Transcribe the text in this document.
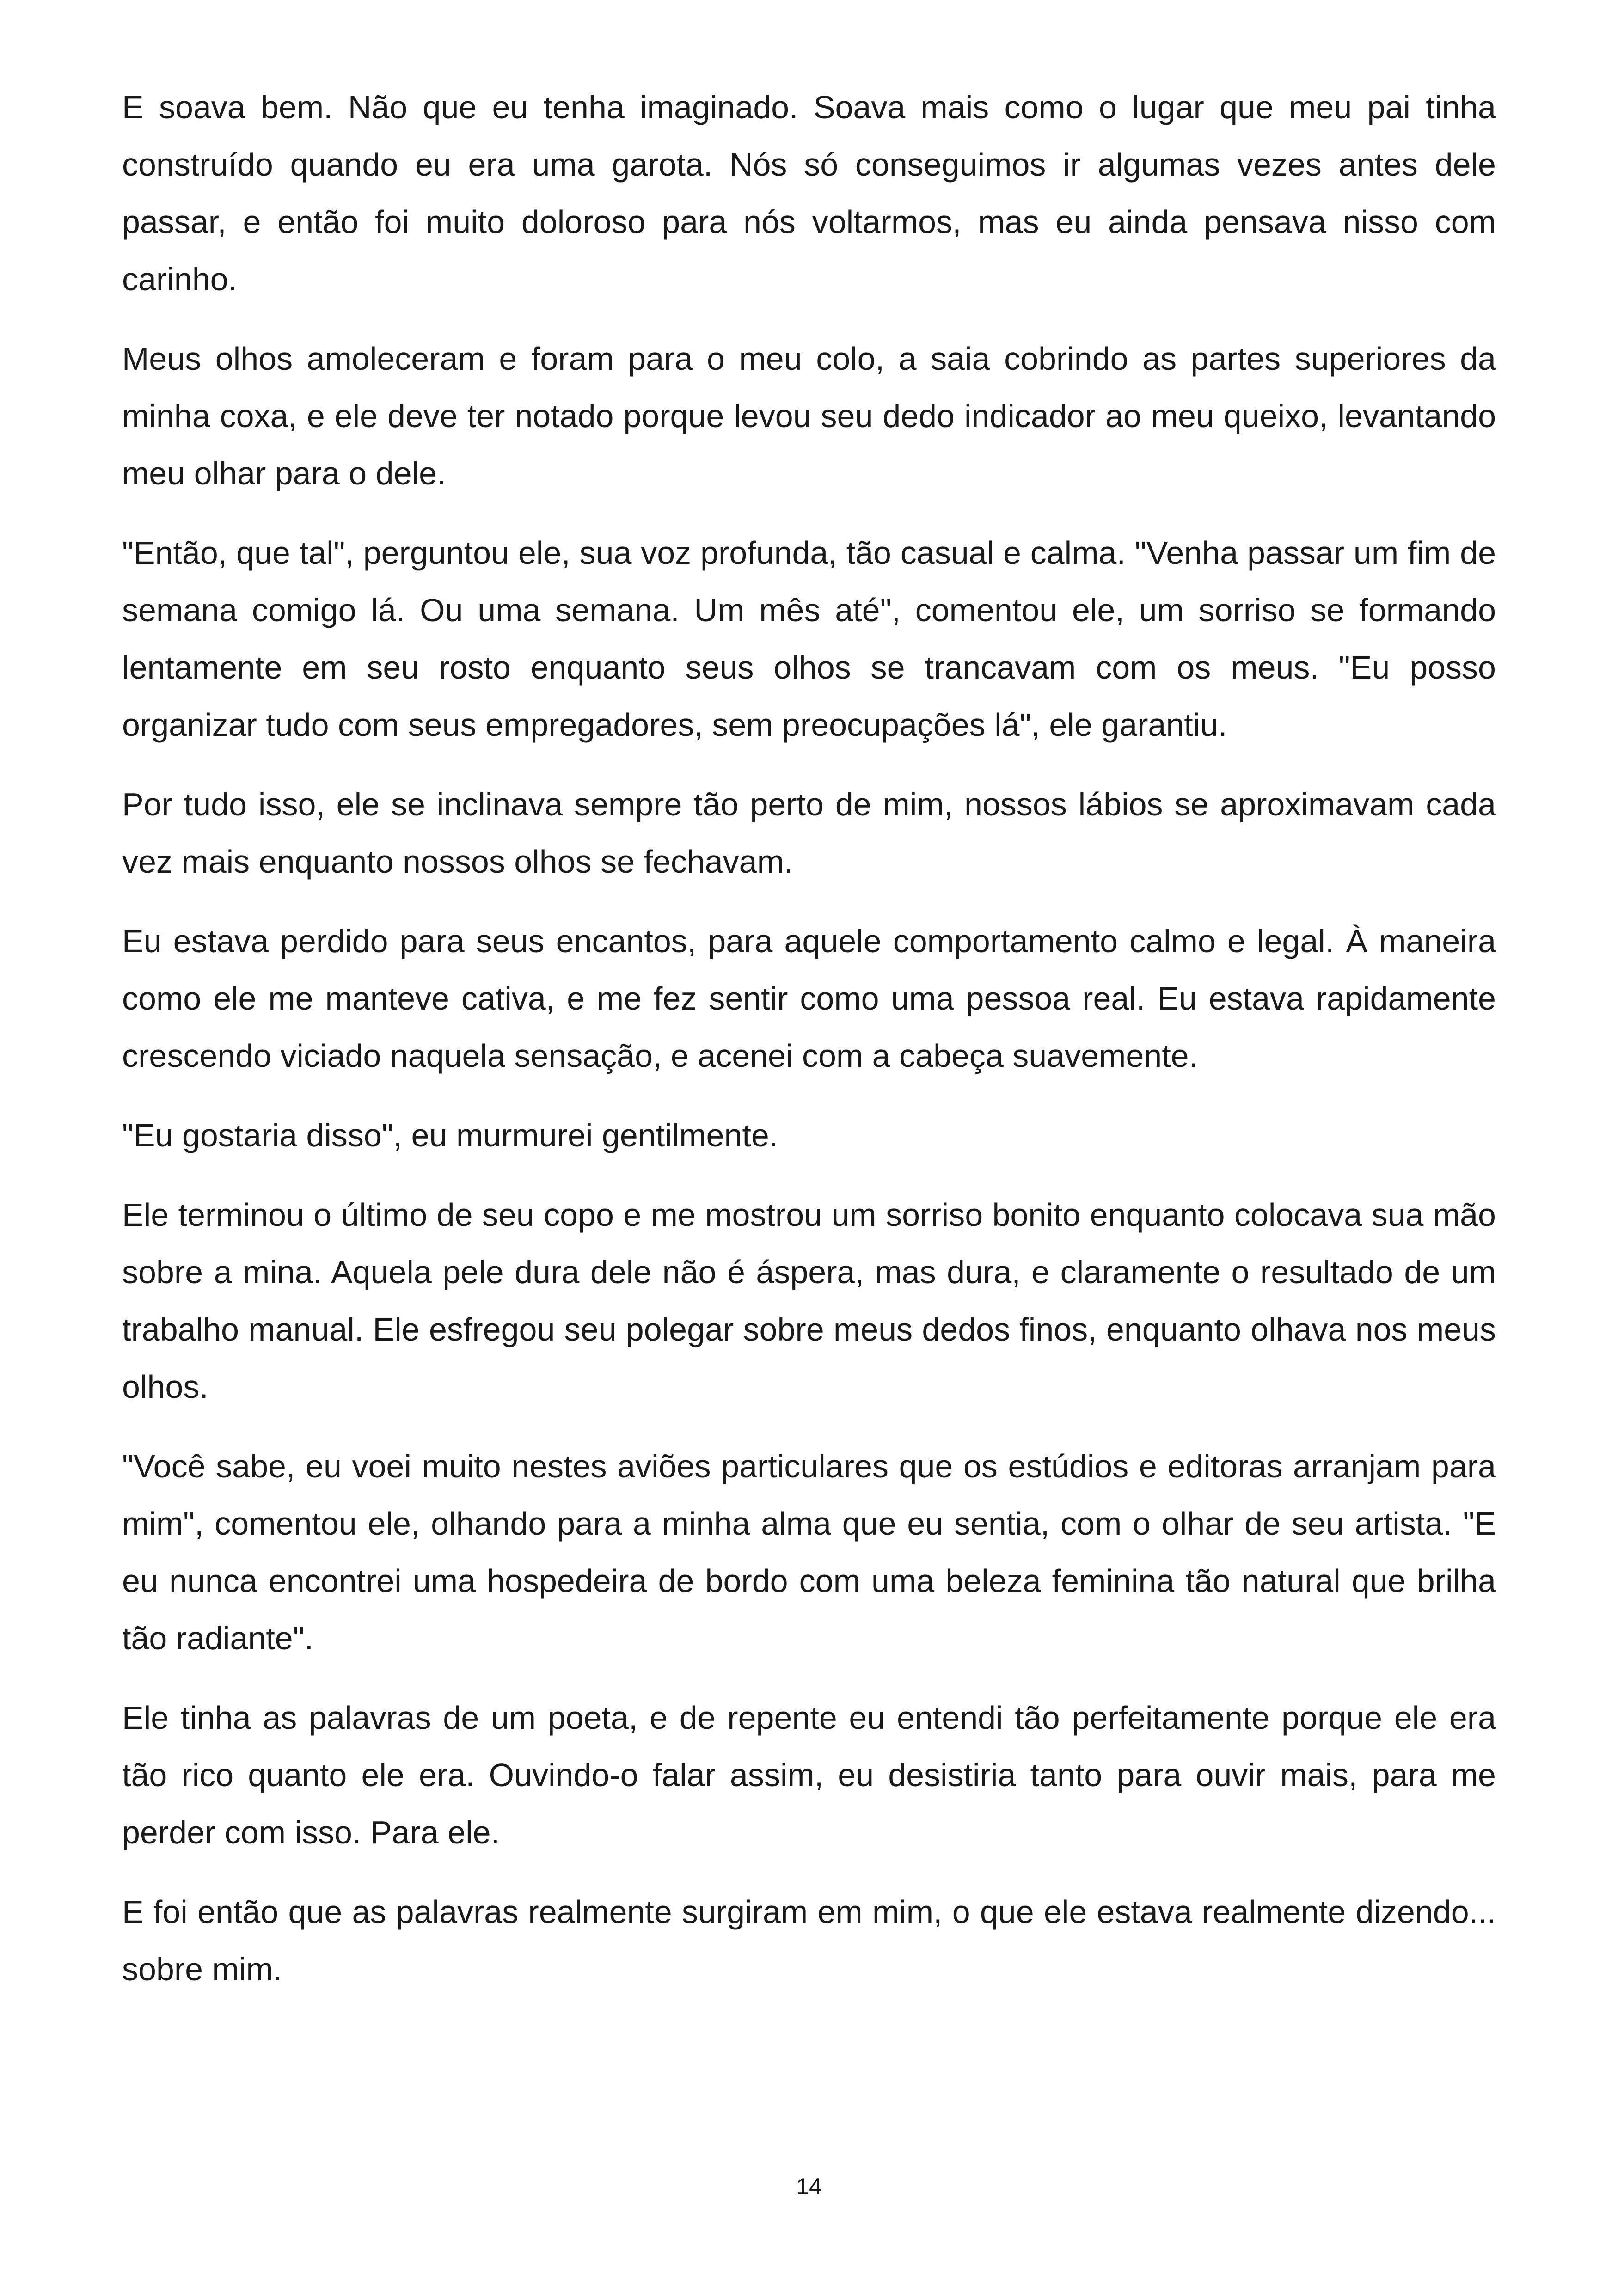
E soava bem. Não que eu tenha imaginado. Soava mais como o lugar que meu pai tinha construído quando eu era uma garota. Nós só conseguimos ir algumas vezes antes dele passar, e então foi muito doloroso para nós voltarmos, mas eu ainda pensava nisso com carinho.

Meus olhos amoleceram e foram para o meu colo, a saia cobrindo as partes superiores da minha coxa, e ele deve ter notado porque levou seu dedo indicador ao meu queixo, levantando meu olhar para o dele.

"Então, que tal", perguntou ele, sua voz profunda, tão casual e calma. "Venha passar um fim de semana comigo lá. Ou uma semana. Um mês até", comentou ele, um sorriso se formando lentamente em seu rosto enquanto seus olhos se trancavam com os meus. "Eu posso organizar tudo com seus empregadores, sem preocupações lá", ele garantiu.

Por tudo isso, ele se inclinava sempre tão perto de mim, nossos lábios se aproximavam cada vez mais enquanto nossos olhos se fechavam.

Eu estava perdido para seus encantos, para aquele comportamento calmo e legal. À maneira como ele me manteve cativa, e me fez sentir como uma pessoa real. Eu estava rapidamente crescendo viciado naquela sensação, e acenei com a cabeça suavemente.

"Eu gostaria disso", eu murmurei gentilmente.

Ele terminou o último de seu copo e me mostrou um sorriso bonito enquanto colocava sua mão sobre a mina. Aquela pele dura dele não é áspera, mas dura, e claramente o resultado de um trabalho manual. Ele esfregou seu polegar sobre meus dedos finos, enquanto olhava nos meus olhos.

"Você sabe, eu voei muito nestes aviões particulares que os estúdios e editoras arranjam para mim", comentou ele, olhando para a minha alma que eu sentia, com o olhar de seu artista. "E eu nunca encontrei uma hospedeira de bordo com uma beleza feminina tão natural que brilha tão radiante".

Ele tinha as palavras de um poeta, e de repente eu entendi tão perfeitamente porque ele era tão rico quanto ele era. Ouvindo-o falar assim, eu desistiria tanto para ouvir mais, para me perder com isso. Para ele.

E foi então que as palavras realmente surgiram em mim, o que ele estava realmente dizendo... sobre mim.

14
